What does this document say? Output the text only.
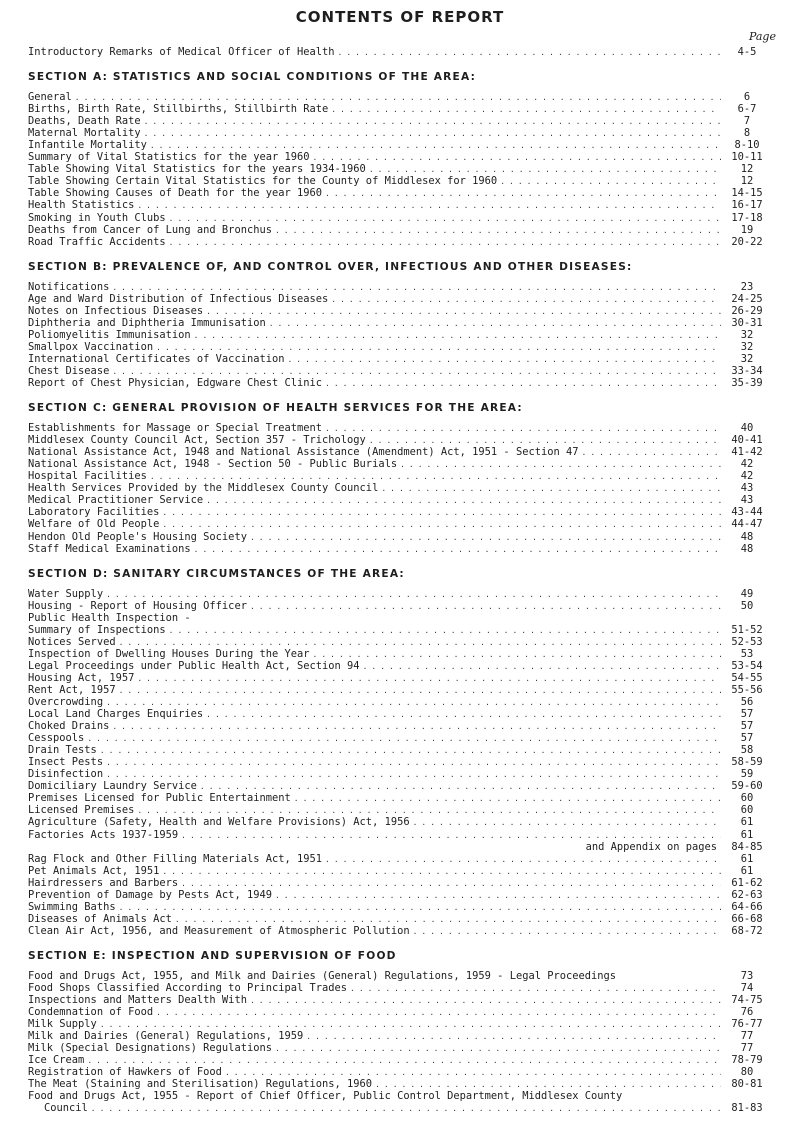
CONTENTS OF REPORT
Page
Introductory Remarks of Medical Officer of Health .....	4-5
SECTION A: STATISTICS AND SOCIAL CONDITIONS OF THE AREA:
General .....	6
Births, Birth Rate, Stillbirths, Stillbirth Rate .....	6-7
Deaths, Death Rate .....	7
Maternal Mortality .....	8
Infantile Mortality .....	8-10
Summary of Vital Statistics for the year 1960 .....	10-11
Table Showing Vital Statistics for the years 1934-1960 .....	12
Table Showing Certain Vital Statistics for the County of Middlesex for 1960 .....	12
Table Showing Causes of Death for the year 1960 .....	14-15
Health Statistics .....	16-17
Smoking in Youth Clubs .....	17-18
Deaths from Cancer of Lung and Bronchus .....	19
Road Traffic Accidents .....	20-22
SECTION B: PREVALENCE OF, AND CONTROL OVER, INFECTIOUS AND OTHER DISEASES:
Notifications .....	23
Age and Ward Distribution of Infectious Diseases .....	24-25
Notes on Infectious Diseases .....	26-29
Diphtheria and Diphtheria Immunisation .....	30-31
Poliomyelitis Immunisation .....	32
Smallpox Vaccination .....	32
International Certificates of Vaccination .....	32
Chest Disease .....	33-34
Report of Chest Physician, Edgware Chest Clinic .....	35-39
SECTION C: GENERAL PROVISION OF HEALTH SERVICES FOR THE AREA:
Establishments for Massage or Special Treatment .....	40
Middlesex County Council Act, Section 357 - Trichology .....	40-41
National Assistance Act, 1948 and National Assistance (Amendment) Act, 1951 - Section 47 .....	41-42
National Assistance Act, 1948 - Section 50 - Public Burials .....	42
Hospital Facilities .....	42
Health Services Provided by the Middlesex County Council .....	43
Medical Practitioner Service .....	43
Laboratory Facilities .....	43-44
Welfare of Old People .....	44-47
Hendon Old People's Housing Society .....	48
Staff Medical Examinations .....	48
SECTION D: SANITARY CIRCUMSTANCES OF THE AREA:
Water Supply .....	49
Housing - Report of Housing Officer .....	50
Public Health Inspection -
Summary of Inspections .....	51-52
Notices Served .....	52-53
Inspection of Dwelling Houses During the Year .....	53
Legal Proceedings under Public Health Act, Section 94 .....	53-54
Housing Act, 1957 .....	54-55
Rent Act, 1957 .....	55-56
Overcrowding .....	56
Local Land Charges Enquiries .....	57
Choked Drains .....	57
Cesspools .....	57
Drain Tests .....	58
Insect Pests .....	58-59
Disinfection .....	59
Domiciliary Laundry Service .....	59-60
Premises Licensed for Public Entertainment .....	60
Licensed Premises .....	60
Agriculture (Safety, Health and Welfare Provisions) Act, 1956 .....	61
Factories Acts 1937-1959 .....	61
and Appendix on pages	84-85
Rag Flock and Other Filling Materials Act, 1951 .....	61
Pet Animals Act, 1951 .....	61
Hairdressers and Barbers .....	61-62
Prevention of Damage by Pests Act, 1949 .....	62-63
Swimming Baths .....	64-66
Diseases of Animals Act .....	66-68
Clean Air Act, 1956, and Measurement of Atmospheric Pollution .....	68-72
SECTION E: INSPECTION AND SUPERVISION OF FOOD
Food and Drugs Act, 1955, and Milk and Dairies (General) Regulations, 1959 - Legal Proceedings	73
Food Shops Classified According to Principal Trades .....	74
Inspections and Matters Dealth With .....	74-75
Condemnation of Food .....	76
Milk Supply .....	76-77
Milk and Dairies (General) Regulations, 1959 .....	77
Milk (Special Designations) Regulations .....	77
Ice Cream .....	78-79
Registration of Hawkers of Food .....	80
The Meat (Staining and Sterilisation) Regulations, 1960 .....	80-81
Food and Drugs Act, 1955 - Report of Chief Officer, Public Control Department, Middlesex County
Council .....	81-83
